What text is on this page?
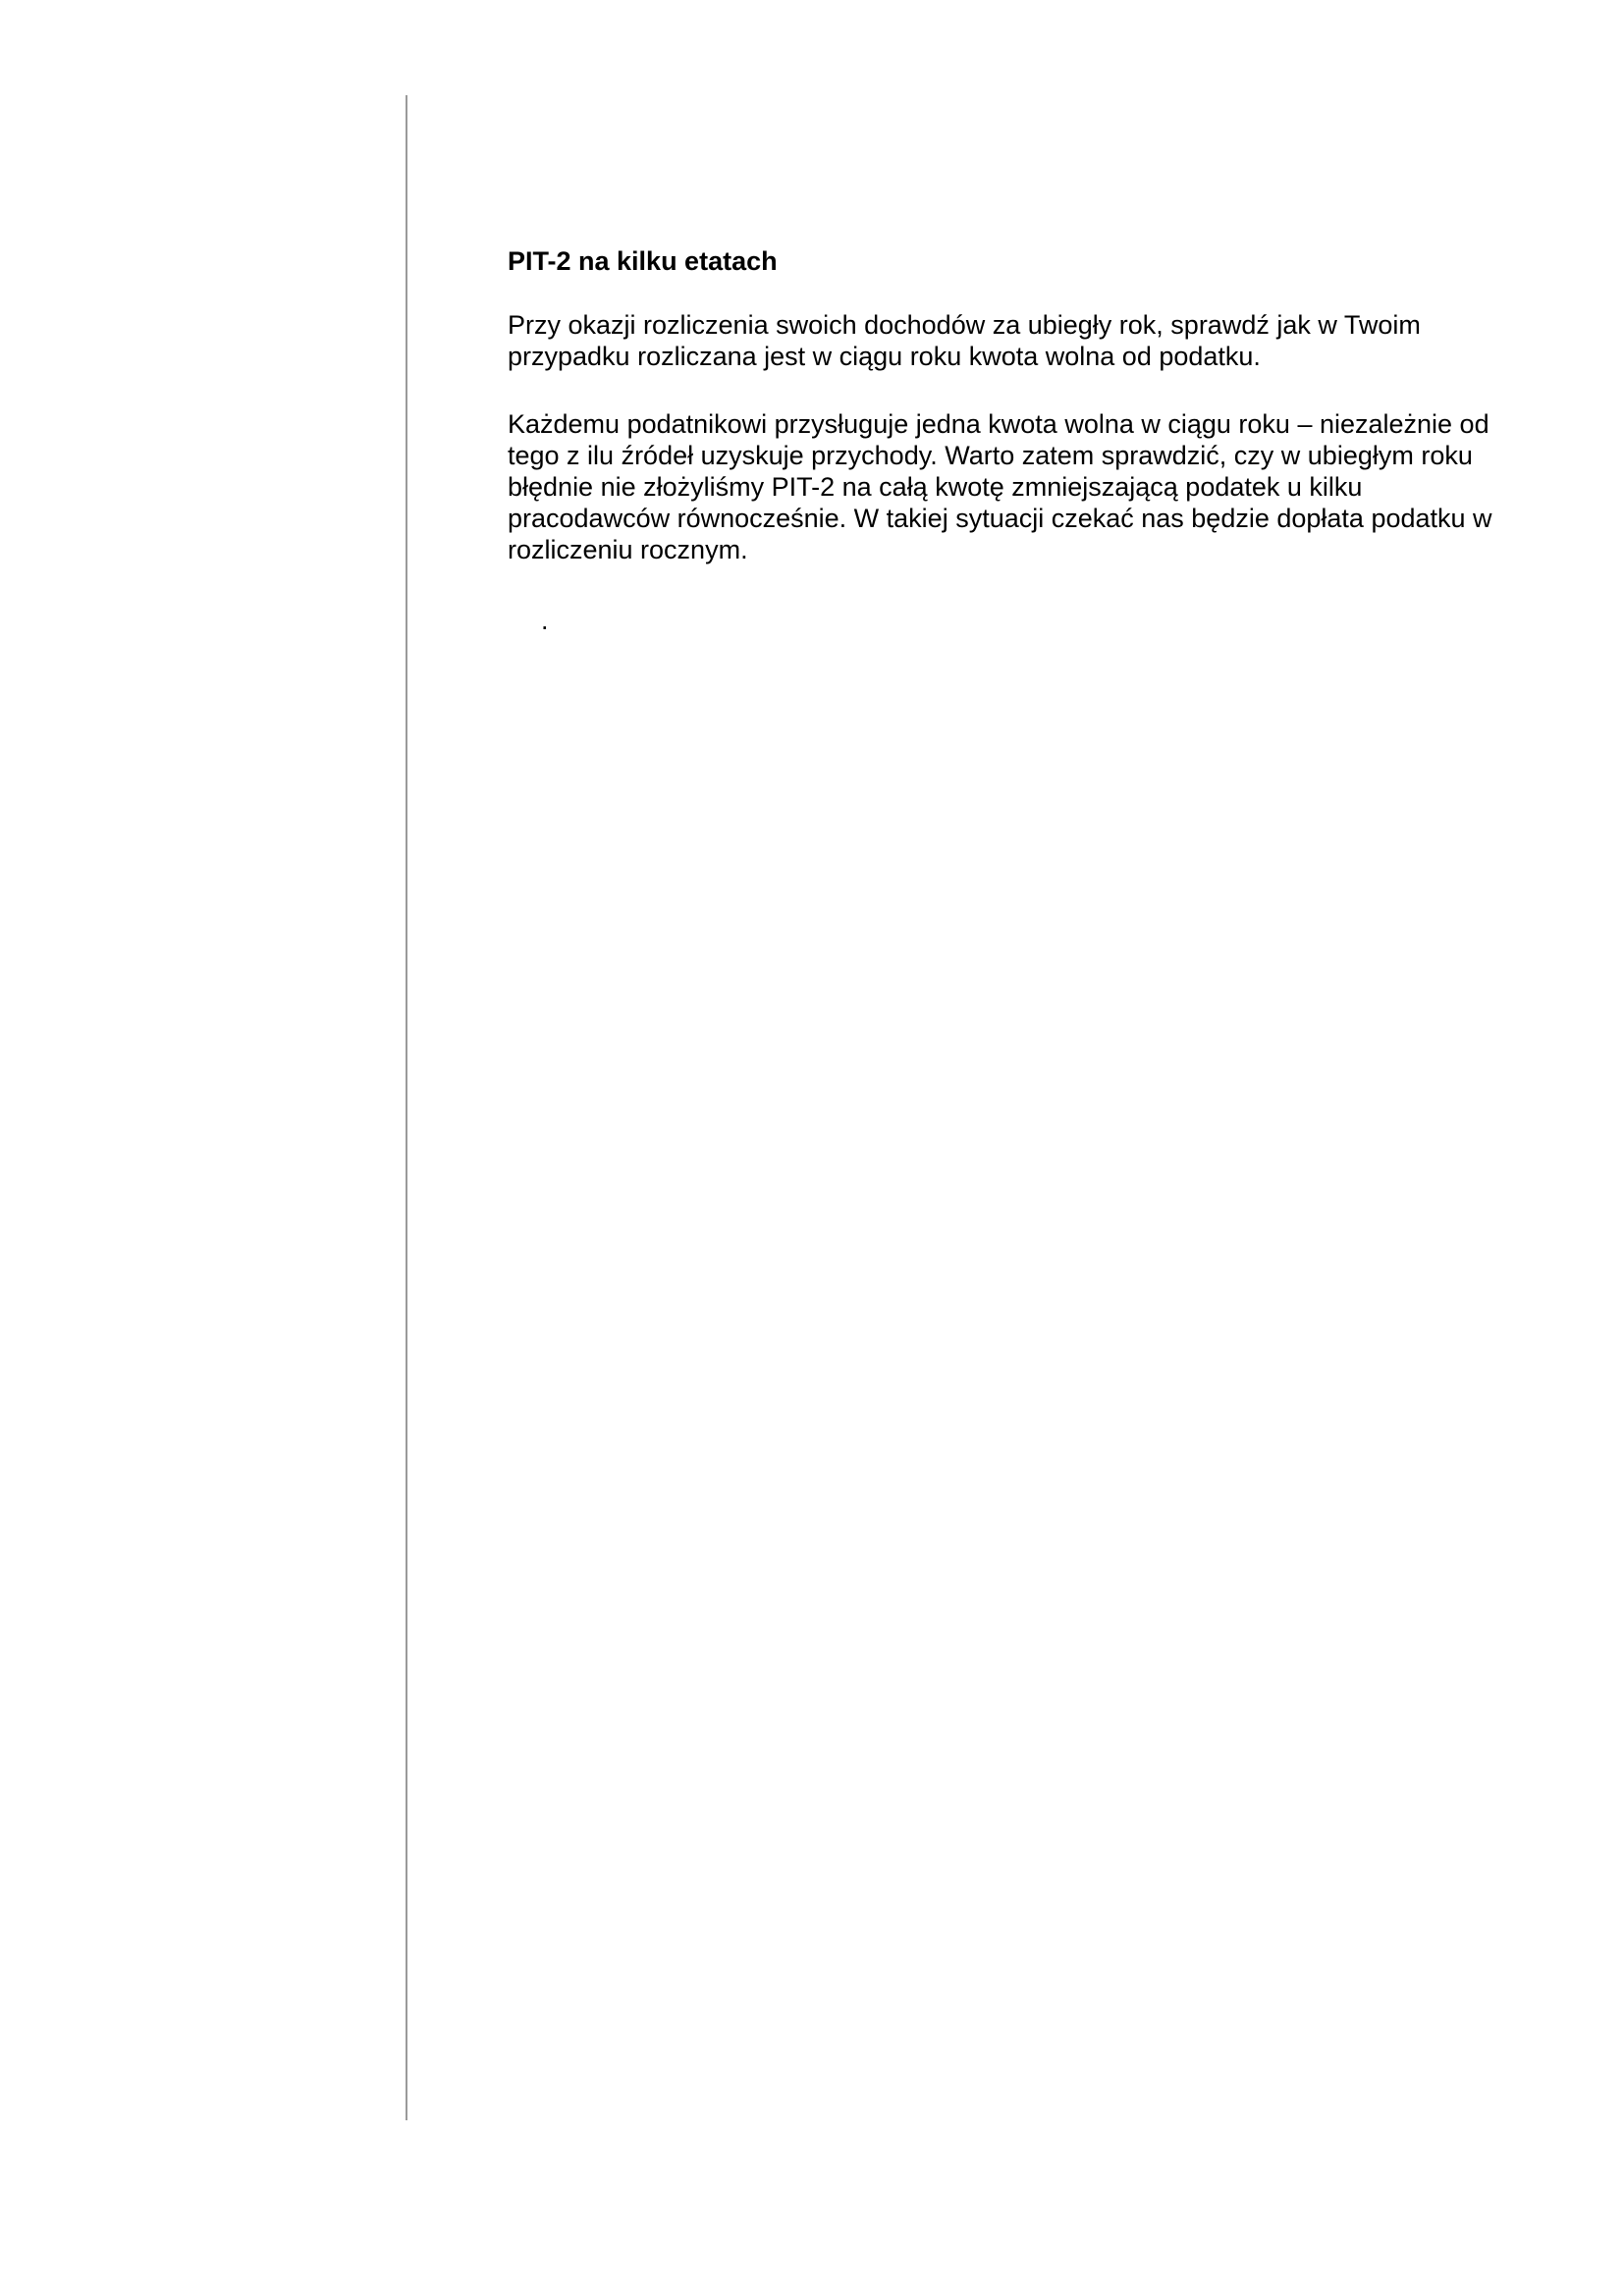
PIT-2 na kilku etatach

Przy okazji rozliczenia swoich dochodów za ubiegły rok, sprawdź jak w Twoim przypadku rozliczana jest w ciągu roku kwota wolna od podatku.

Każdemu podatnikowi przysługuje jedna kwota wolna w ciągu roku – niezależnie od tego z ilu źródeł uzyskuje przychody. Warto zatem sprawdzić, czy w ubiegłym roku błędnie nie złożyliśmy PIT-2 na całą kwotę zmniejszającą podatek u kilku pracodawców równocześnie. W takiej sytuacji czekać nas będzie dopłata podatku w rozliczeniu rocznym.

.
